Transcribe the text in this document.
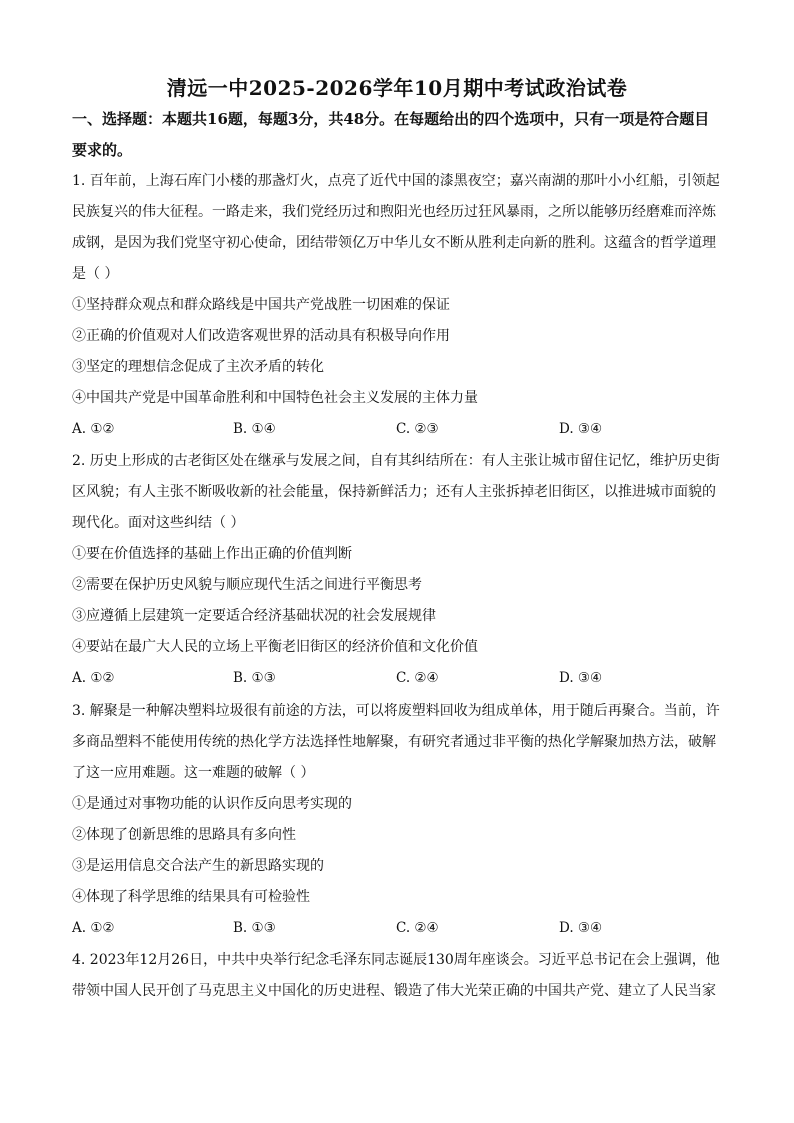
清远一中2025-2026学年10月期中考试政治试卷
一、选择题：本题共16题，每题3分，共48分。在每题给出的四个选项中，只有一项是符合题目要求的。

1. 百年前，上海石库门小楼的那盏灯火，点亮了近代中国的漆黑夜空；嘉兴南湖的那叶小小红船，引领起民族复兴的伟大征程。一路走来，我们党经历过和煦阳光也经历过狂风暴雨，之所以能够历经磨难而淬炼成钢，是因为我们党坚守初心使命，团结带领亿万中华儿女不断从胜利走向新的胜利。这蕴含的哲学道理是（ ）

①坚持群众观点和群众路线是中国共产党战胜一切困难的保证

②正确的价值观对人们改造客观世界的活动具有积极导向作用

③坚定的理想信念促成了主次矛盾的转化

④中国共产党是中国革命胜利和中国特色社会主义发展的主体力量

A. ①②	B. ①④	C. ②③	D. ③④

2. 历史上形成的古老街区处在继承与发展之间，自有其纠结所在：有人主张让城市留住记忆，维护历史街区风貌；有人主张不断吸收新的社会能量，保持新鲜活力；还有人主张拆掉老旧街区，以推进城市面貌的现代化。面对这些纠结（ ）

①要在价值选择的基础上作出正确的价值判断

②需要在保护历史风貌与顺应现代生活之间进行平衡思考

③应遵循上层建筑一定要适合经济基础状况的社会发展规律

④要站在最广大人民的立场上平衡老旧街区的经济价值和文化价值

A. ①②	B. ①③	C. ②④	D. ③④

3. 解聚是一种解决塑料垃圾很有前途的方法，可以将废塑料回收为组成单体，用于随后再聚合。当前，许多商品塑料不能使用传统的热化学方法选择性地解聚，有研究者通过非平衡的热化学解聚加热方法，破解了这一应用难题。这一难题的破解（ ）

①是通过对事物功能的认识作反向思考实现的

②体现了创新思维的思路具有多向性

③是运用信息交合法产生的新思路实现的

④体现了科学思维的结果具有可检验性

A. ①②	B. ①③	C. ②④	D. ③④

4. 2023年12月26日，中共中央举行纪念毛泽东同志诞辰130周年座谈会。习近平总书记在会上强调，他带领中国人民开创了马克思主义中国化的历史进程、锻造了伟大光荣正确的中国共产党、建立了人民当家
